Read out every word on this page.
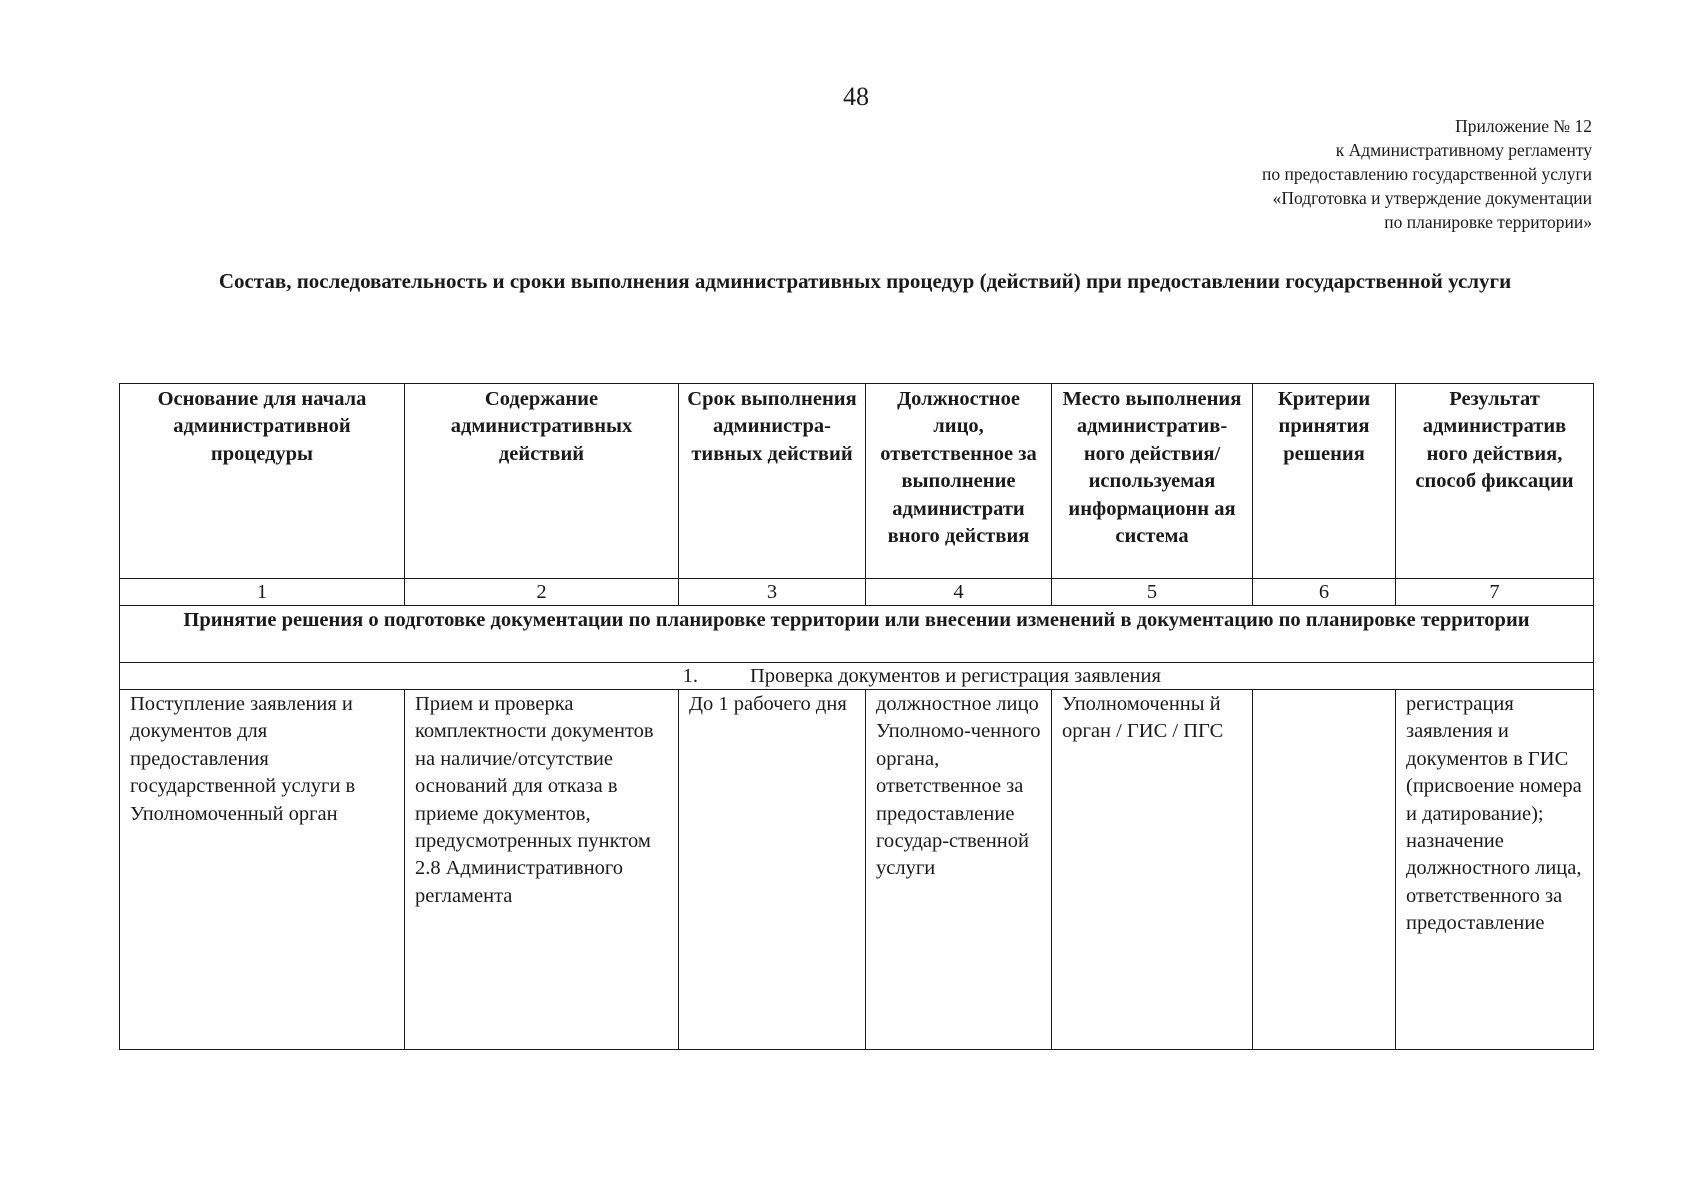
48
Приложение № 12
к Административному регламенту
по предоставлению государственной услуги
«Подготовка и утверждение документации
по планировке территории»
Состав, последовательность и сроки выполнения административных процедур (действий) при предоставлении государственной услуги
Основание для начала административной процедуры	Содержание административных действий	Срок выполнения администра-тивных действий	Должностное лицо, ответственное за выполнение администрати вного действия	Место выполнения административ-ного действия/ используемая информационн ая система	Критерии принятия решения	Результат административ ного действия, способ фиксации
1	2	3	4	5	6	7
Принятие решения о подготовке документации по планировке территории или внесении изменений в документацию по планировке территории						
1. Проверка документов и регистрация заявления						
Поступление заявления и документов для предоставления государственной услуги в Уполномоченный орган	Прием и проверка комплектности документов на наличие/отсутствие оснований для отказа в приеме документов, предусмотренных пунктом 2.8 Административного регламента	До 1 рабочего дня	должностное лицо Уполномо-ченного органа, ответственное за предоставление государ-ственной услуги	Уполномоченны й орган / ГИС / ПГС		регистрация заявления и документов в ГИС (присвоение номера и датирование); назначение должностного лица, ответственного за предоставление
